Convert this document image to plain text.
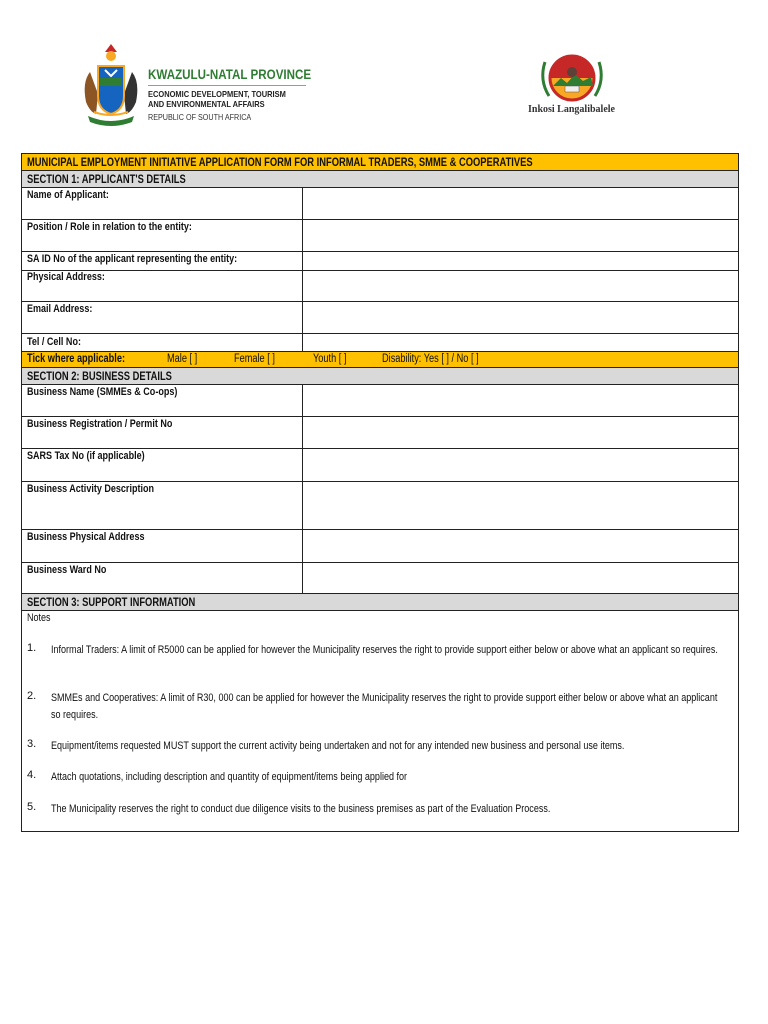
KWAZULU-NATAL PROVINCE
ECONOMIC DEVELOPMENT, TOURISM
AND ENVIRONMENTAL AFFAIRS
REPUBLIC OF SOUTH AFRICA
Inkosi Langalibalele
MUNICIPAL EMPLOYMENT INITIATIVE APPLICATION FORM FOR INFORMAL TRADERS, SMME & COOPERATIVES
SECTION 1: APPLICANT'S DETAILS
Name of Applicant:
Position / Role in relation to the entity:
SA ID No of the applicant representing the entity:
Physical Address:
Email Address:
Tel / Cell No:
Tick where applicable:	Male [ ]	Female [ ]	Youth [ ]	Disability: Yes [ ] / No [ ]
SECTION 2: BUSINESS DETAILS
Business Name (SMMEs & Co-ops)
Business Registration / Permit No
SARS Tax No (if applicable)
Business Activity Description
Business Physical Address
Business Ward No
SECTION 3: SUPPORT INFORMATION
Notes
1. Informal Traders: A limit of R5000 can be applied for however the Municipality reserves the right to provide support either below or above what an applicant so requires.
2. SMMEs and Cooperatives: A limit of R30, 000 can be applied for however the Municipality reserves the right to provide support either below or above what an applicant so requires.
3. Equipment/items requested MUST support the current activity being undertaken and not for any intended new business and personal use items.
4. Attach quotations, including description and quantity of equipment/items being applied for
5. The Municipality reserves the right to conduct due diligence visits to the business premises as part of the Evaluation Process.
